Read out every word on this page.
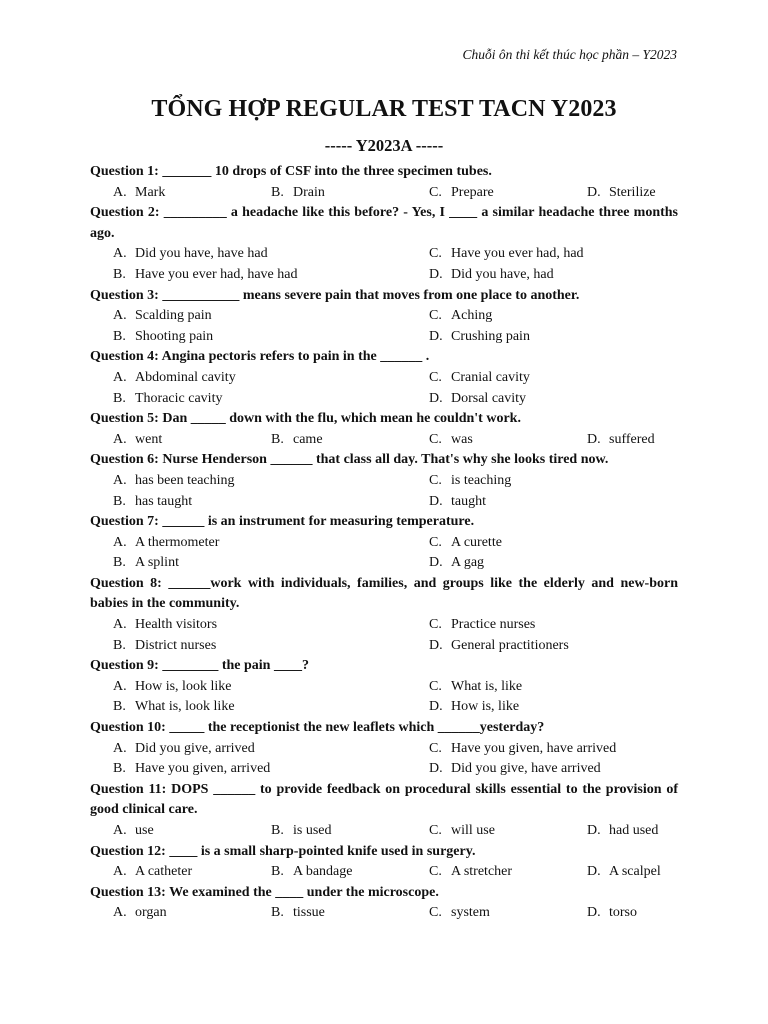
Chuỗi ôn thi kết thúc học phần – Y2023
TỔNG HỢP REGULAR TEST TACN Y2023
----- Y2023A -----
Question 1: _______ 10 drops of CSF into the three specimen tubes.
A. Mark	B. Drain	C. Prepare	D. Sterilize
Question 2: _________ a headache like this before? - Yes, I ____ a similar headache three months ago.
A. Did you have, have had	C. Have you ever had, had
B. Have you ever had, have had	D. Did you have, had
Question 3: ___________ means severe pain that moves from one place to another.
A. Scalding pain	C. Aching
B. Shooting pain	D. Crushing pain
Question 4: Angina pectoris refers to pain in the ______ .
A. Abdominal cavity	C. Cranial cavity
B. Thoracic cavity	D. Dorsal cavity
Question 5: Dan _____ down with the flu, which mean he couldn't work.
A. went	B. came	C. was	D. suffered
Question 6: Nurse Henderson ______ that class all day. That's why she looks tired now.
A. has been teaching	C. is teaching
B. has taught	D. taught
Question 7: ______ is an instrument for measuring temperature.
A. A thermometer	C. A curette
B. A splint	D. A gag
Question 8: ______work with individuals, families, and groups like the elderly and new-born babies in the community.
A. Health visitors	C. Practice nurses
B. District nurses	D. General practitioners
Question 9: ________ the pain ____?
A. How is, look like	C. What is, like
B. What is, look like	D. How is, like
Question 10: _____ the receptionist the new leaflets which ______yesterday?
A. Did you give, arrived	C. Have you given, have arrived
B. Have you given, arrived	D. Did you give, have arrived
Question 11: DOPS ______ to provide feedback on procedural skills essential to the provision of good clinical care.
A. use	B. is used	C. will use	D. had used
Question 12: ____ is a small sharp-pointed knife used in surgery.
A. A catheter	B. A bandage	C. A stretcher	D. A scalpel
Question 13: We examined the ____ under the microscope.
A. organ	B. tissue	C. system	D. torso
